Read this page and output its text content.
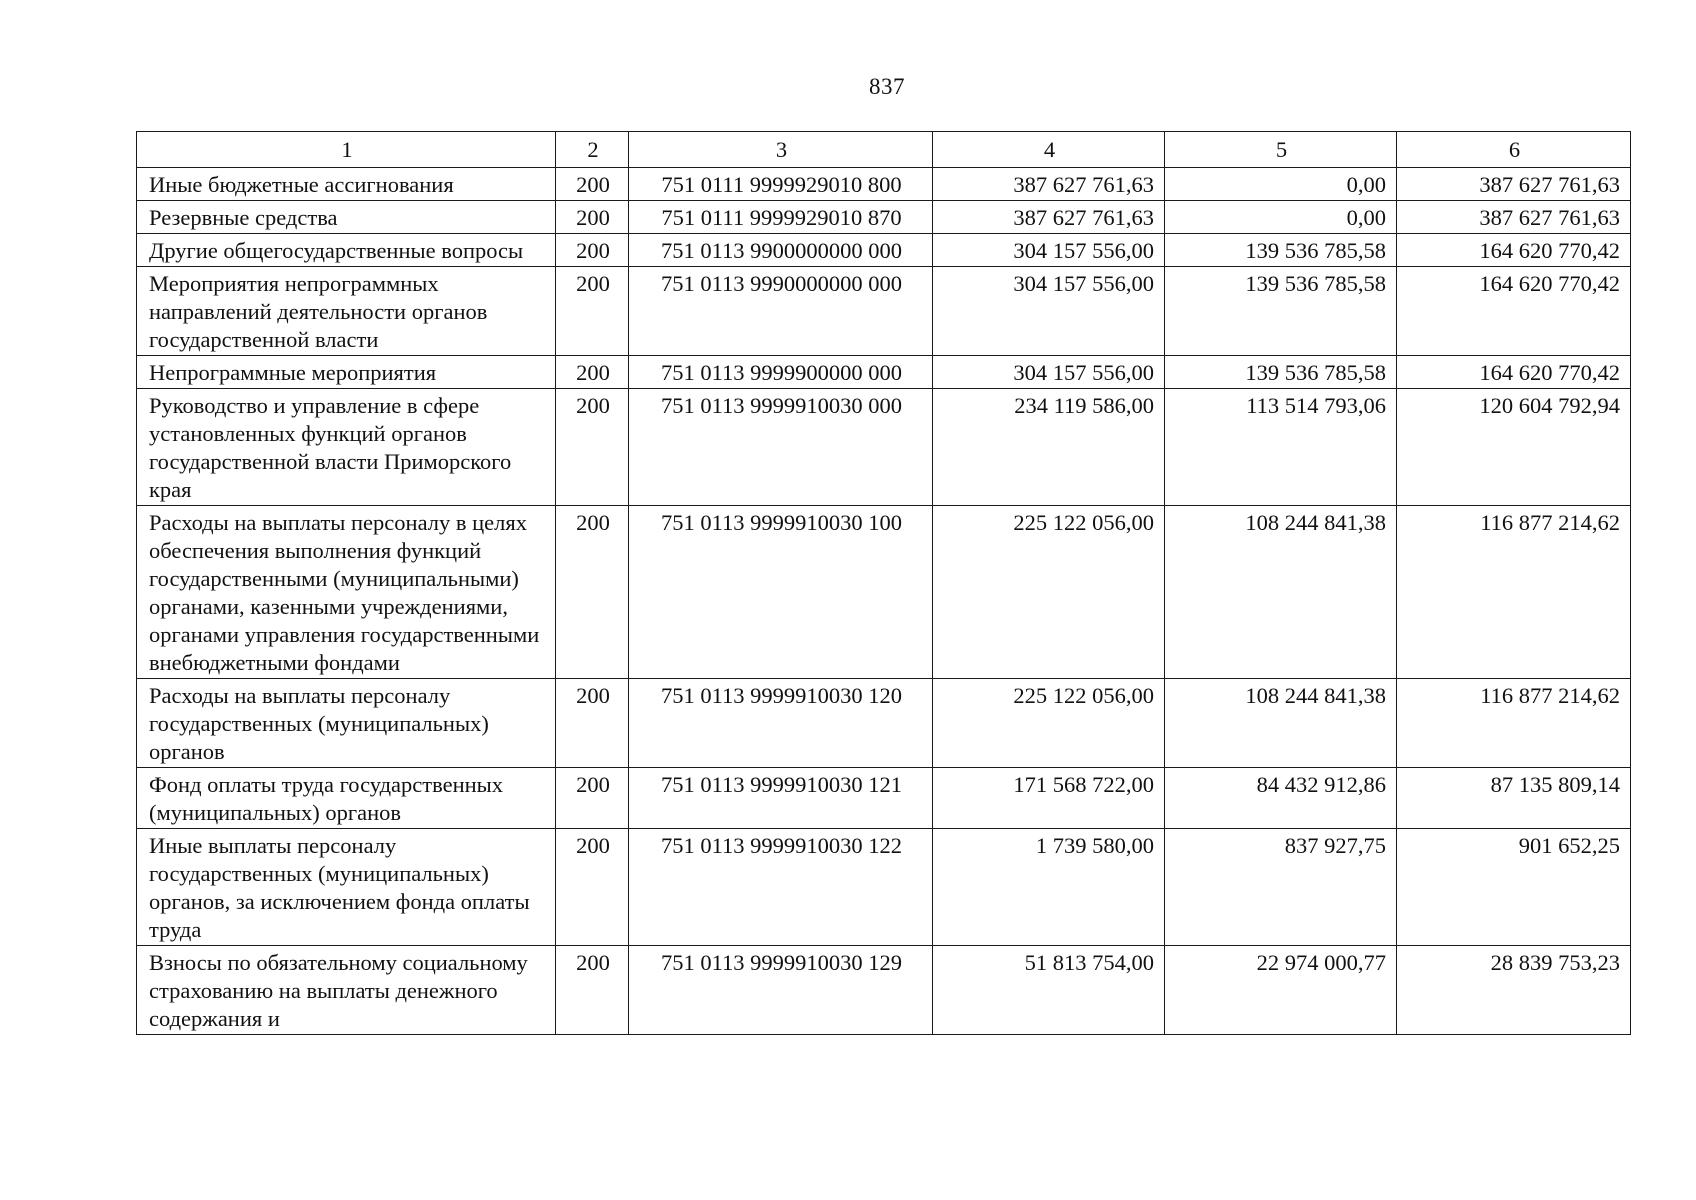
837
1	2	3	4	5	6
Иные бюджетные ассигнования	200	751 0111 9999929010 800	387 627 761,63	0,00	387 627 761,63
Резервные средства	200	751 0111 9999929010 870	387 627 761,63	0,00	387 627 761,63
Другие общегосударственные вопросы	200	751 0113 9900000000 000	304 157 556,00	139 536 785,58	164 620 770,42
Мероприятия непрограммных направлений деятельности органов государственной власти	200	751 0113 9990000000 000	304 157 556,00	139 536 785,58	164 620 770,42
Непрограммные мероприятия	200	751 0113 9999900000 000	304 157 556,00	139 536 785,58	164 620 770,42
Руководство и управление в сфере установленных функций органов государственной власти Приморского края	200	751 0113 9999910030 000	234 119 586,00	113 514 793,06	120 604 792,94
Расходы на выплаты персоналу в целях обеспечения выполнения функций государственными (муниципальными) органами, казенными учреждениями, органами управления государственными внебюджетными фондами	200	751 0113 9999910030 100	225 122 056,00	108 244 841,38	116 877 214,62
Расходы на выплаты персоналу государственных (муниципальных) органов	200	751 0113 9999910030 120	225 122 056,00	108 244 841,38	116 877 214,62
Фонд оплаты труда государственных (муниципальных) органов	200	751 0113 9999910030 121	171 568 722,00	84 432 912,86	87 135 809,14
Иные выплаты персоналу государственных (муниципальных) органов, за исключением фонда оплаты труда	200	751 0113 9999910030 122	1 739 580,00	837 927,75	901 652,25
Взносы по обязательному социальному страхованию на выплаты денежного содержания и	200	751 0113 9999910030 129	51 813 754,00	22 974 000,77	28 839 753,23
